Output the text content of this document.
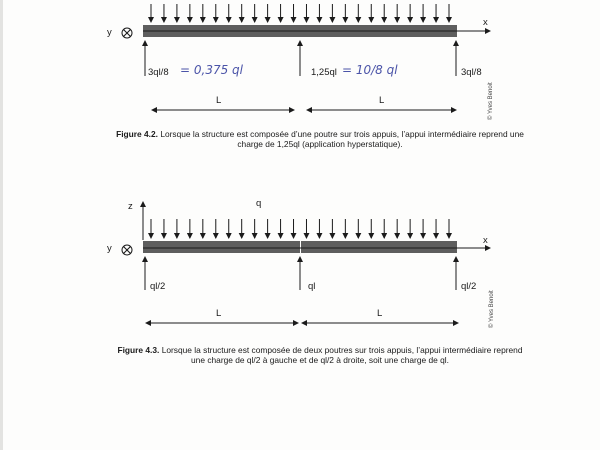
y
x
3ql/8 = 0,375 ql	1,25ql = 10/8 ql	3ql/8
L	L	© Yves Benoit
Figure 4.2. Lorsque la structure est composée d’une poutre sur trois appuis, l’appui intermédiaire reprend une charge de 1,25ql (application hyperstatique).
z	q
y
x
ql/2	ql	ql/2
L	L	© Yves Benoit
Figure 4.3. Lorsque la structure est composée de deux poutres sur trois appuis, l’appui intermédiaire reprend une charge de ql/2 à gauche et de ql/2 à droite, soit une charge de ql.
